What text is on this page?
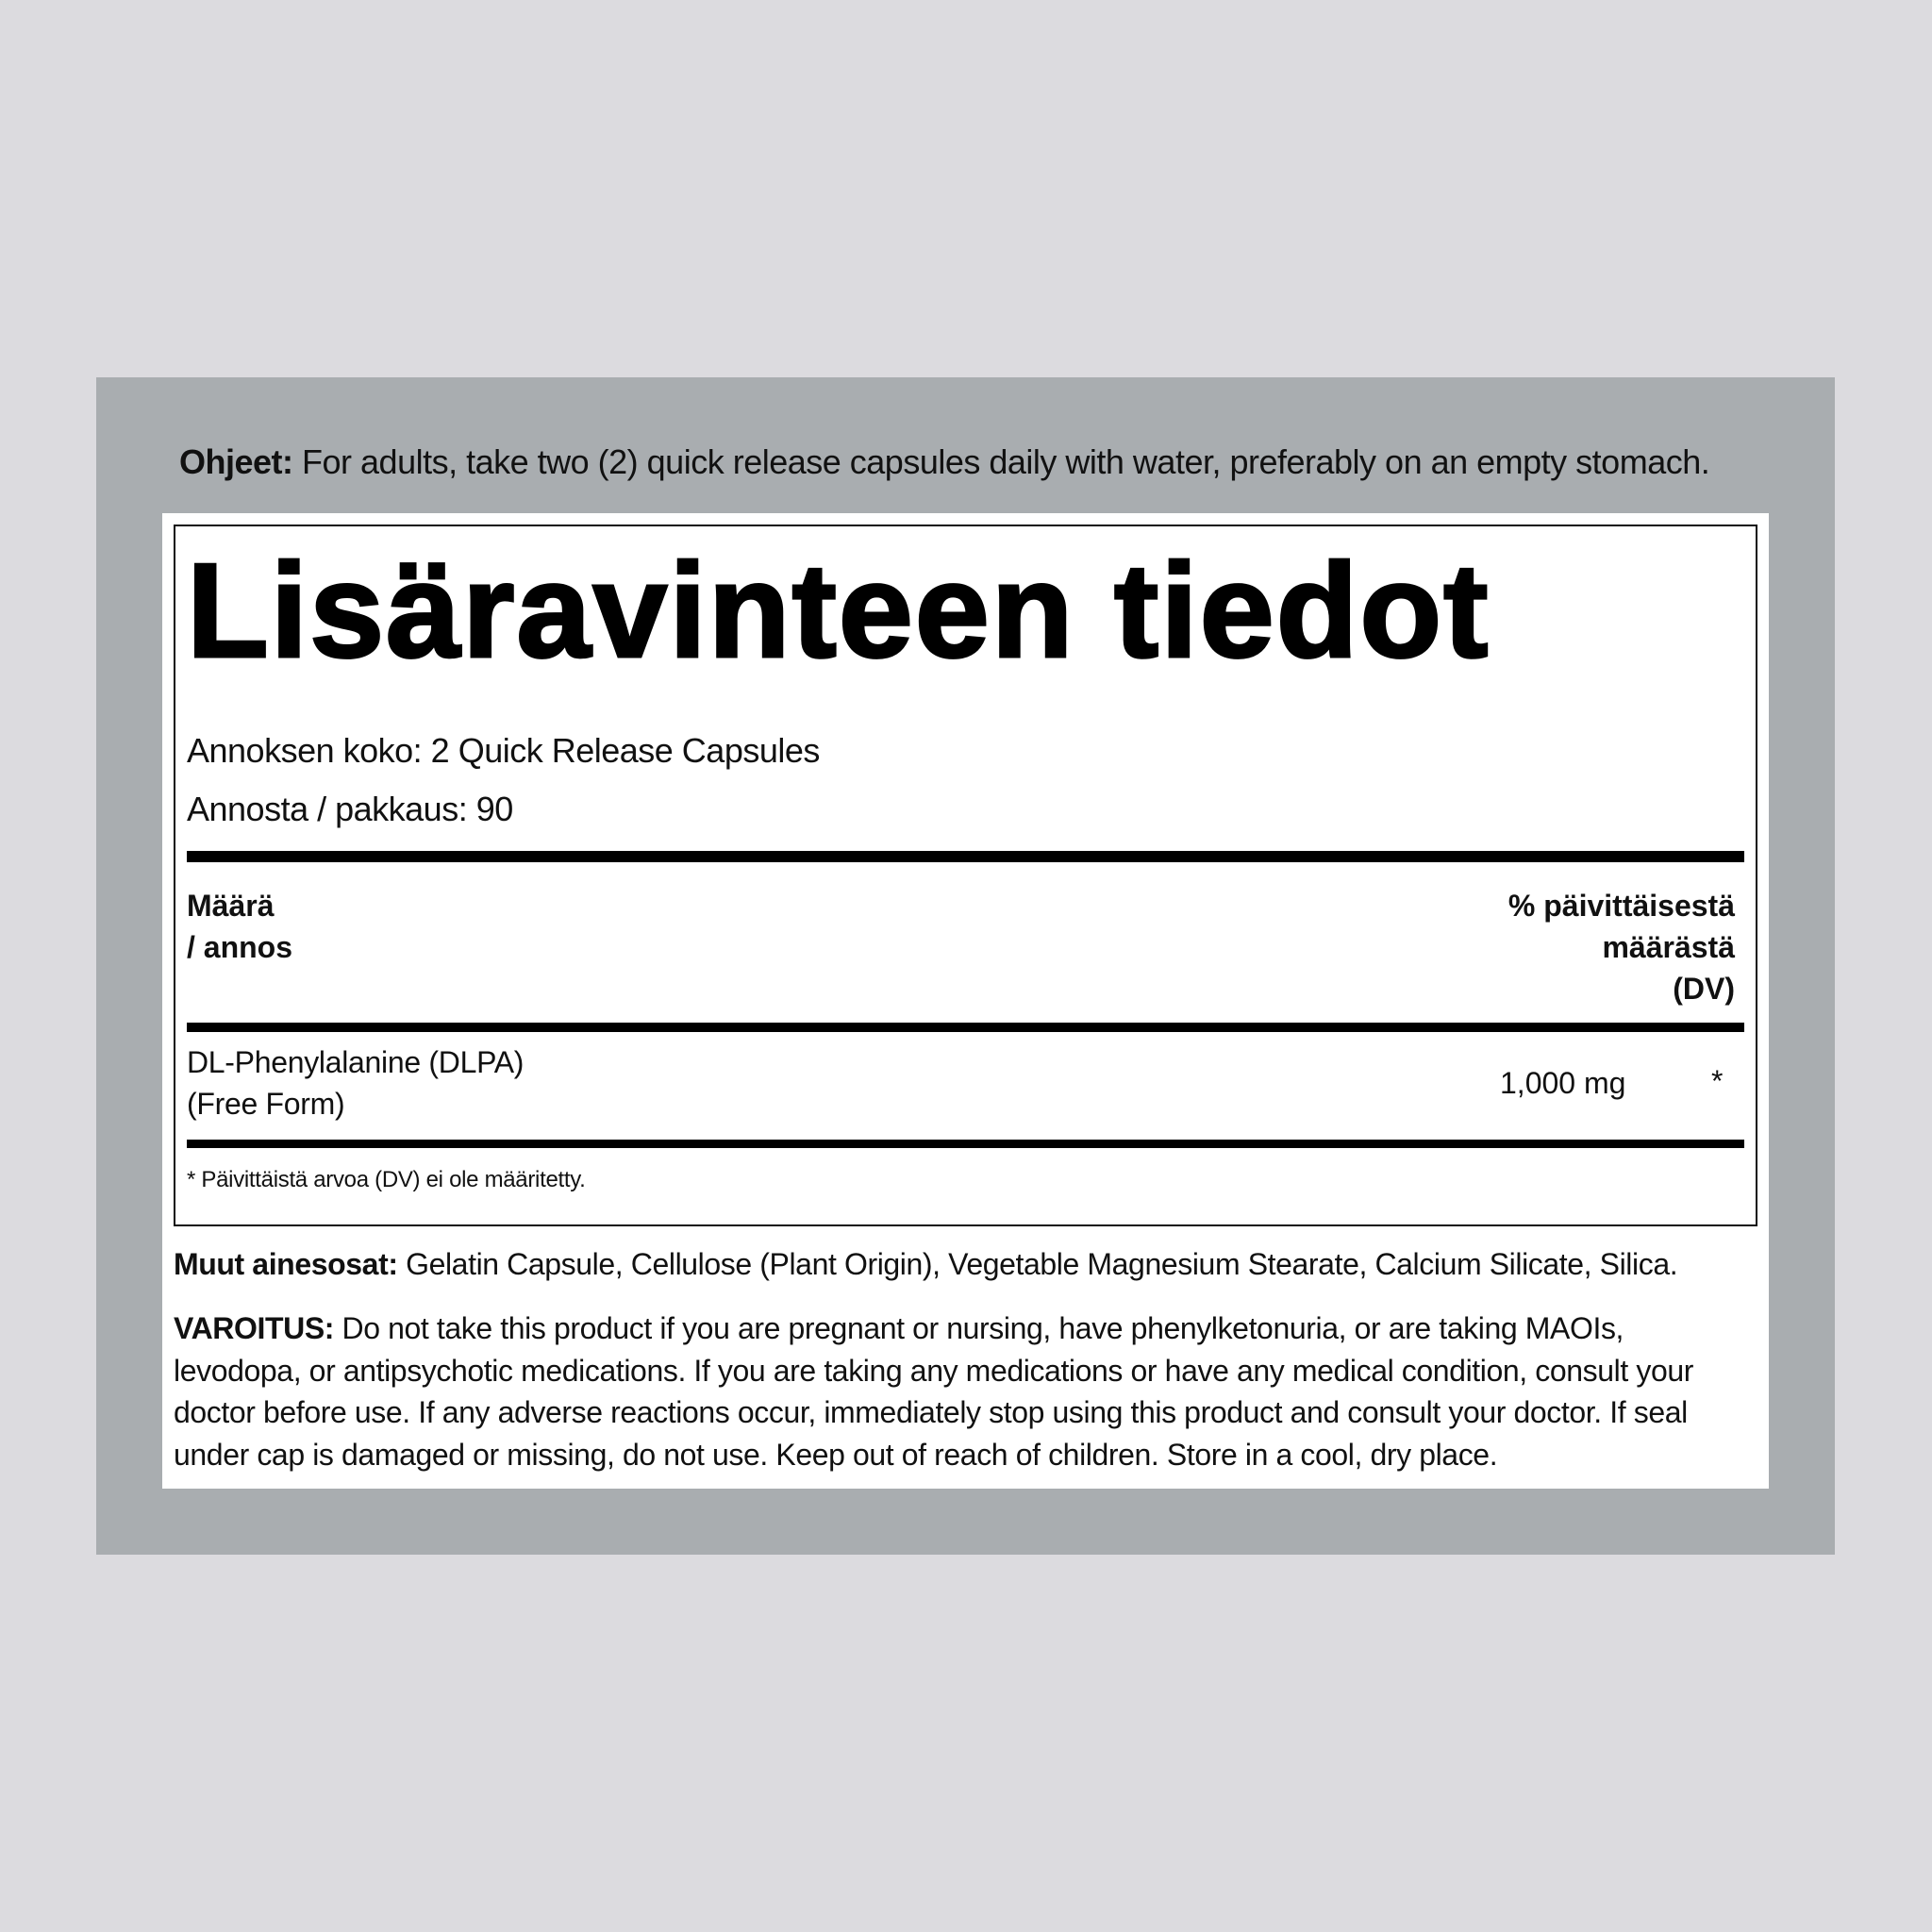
Ohjeet: For adults, take two (2) quick release capsules daily with water, preferably on an empty stomach.
Lisäravinteen tiedot
Annoksen koko: 2 Quick Release Capsules
Annosta / pakkaus: 90
Määrä
/ annos
% päivittäisestä
määrästä
(DV)
DL-Phenylalanine (DLPA)
(Free Form)
1,000 mg	*
* Päivittäistä arvoa (DV) ei ole määritetty.
Muut ainesosat: Gelatin Capsule, Cellulose (Plant Origin), Vegetable Magnesium Stearate, Calcium Silicate, Silica.
VAROITUS: Do not take this product if you are pregnant or nursing, have phenylketonuria, or are taking MAOIs, levodopa, or antipsychotic medications. If you are taking any medications or have any medical condition, consult your doctor before use. If any adverse reactions occur, immediately stop using this product and consult your doctor. If seal under cap is damaged or missing, do not use. Keep out of reach of children. Store in a cool, dry place.
